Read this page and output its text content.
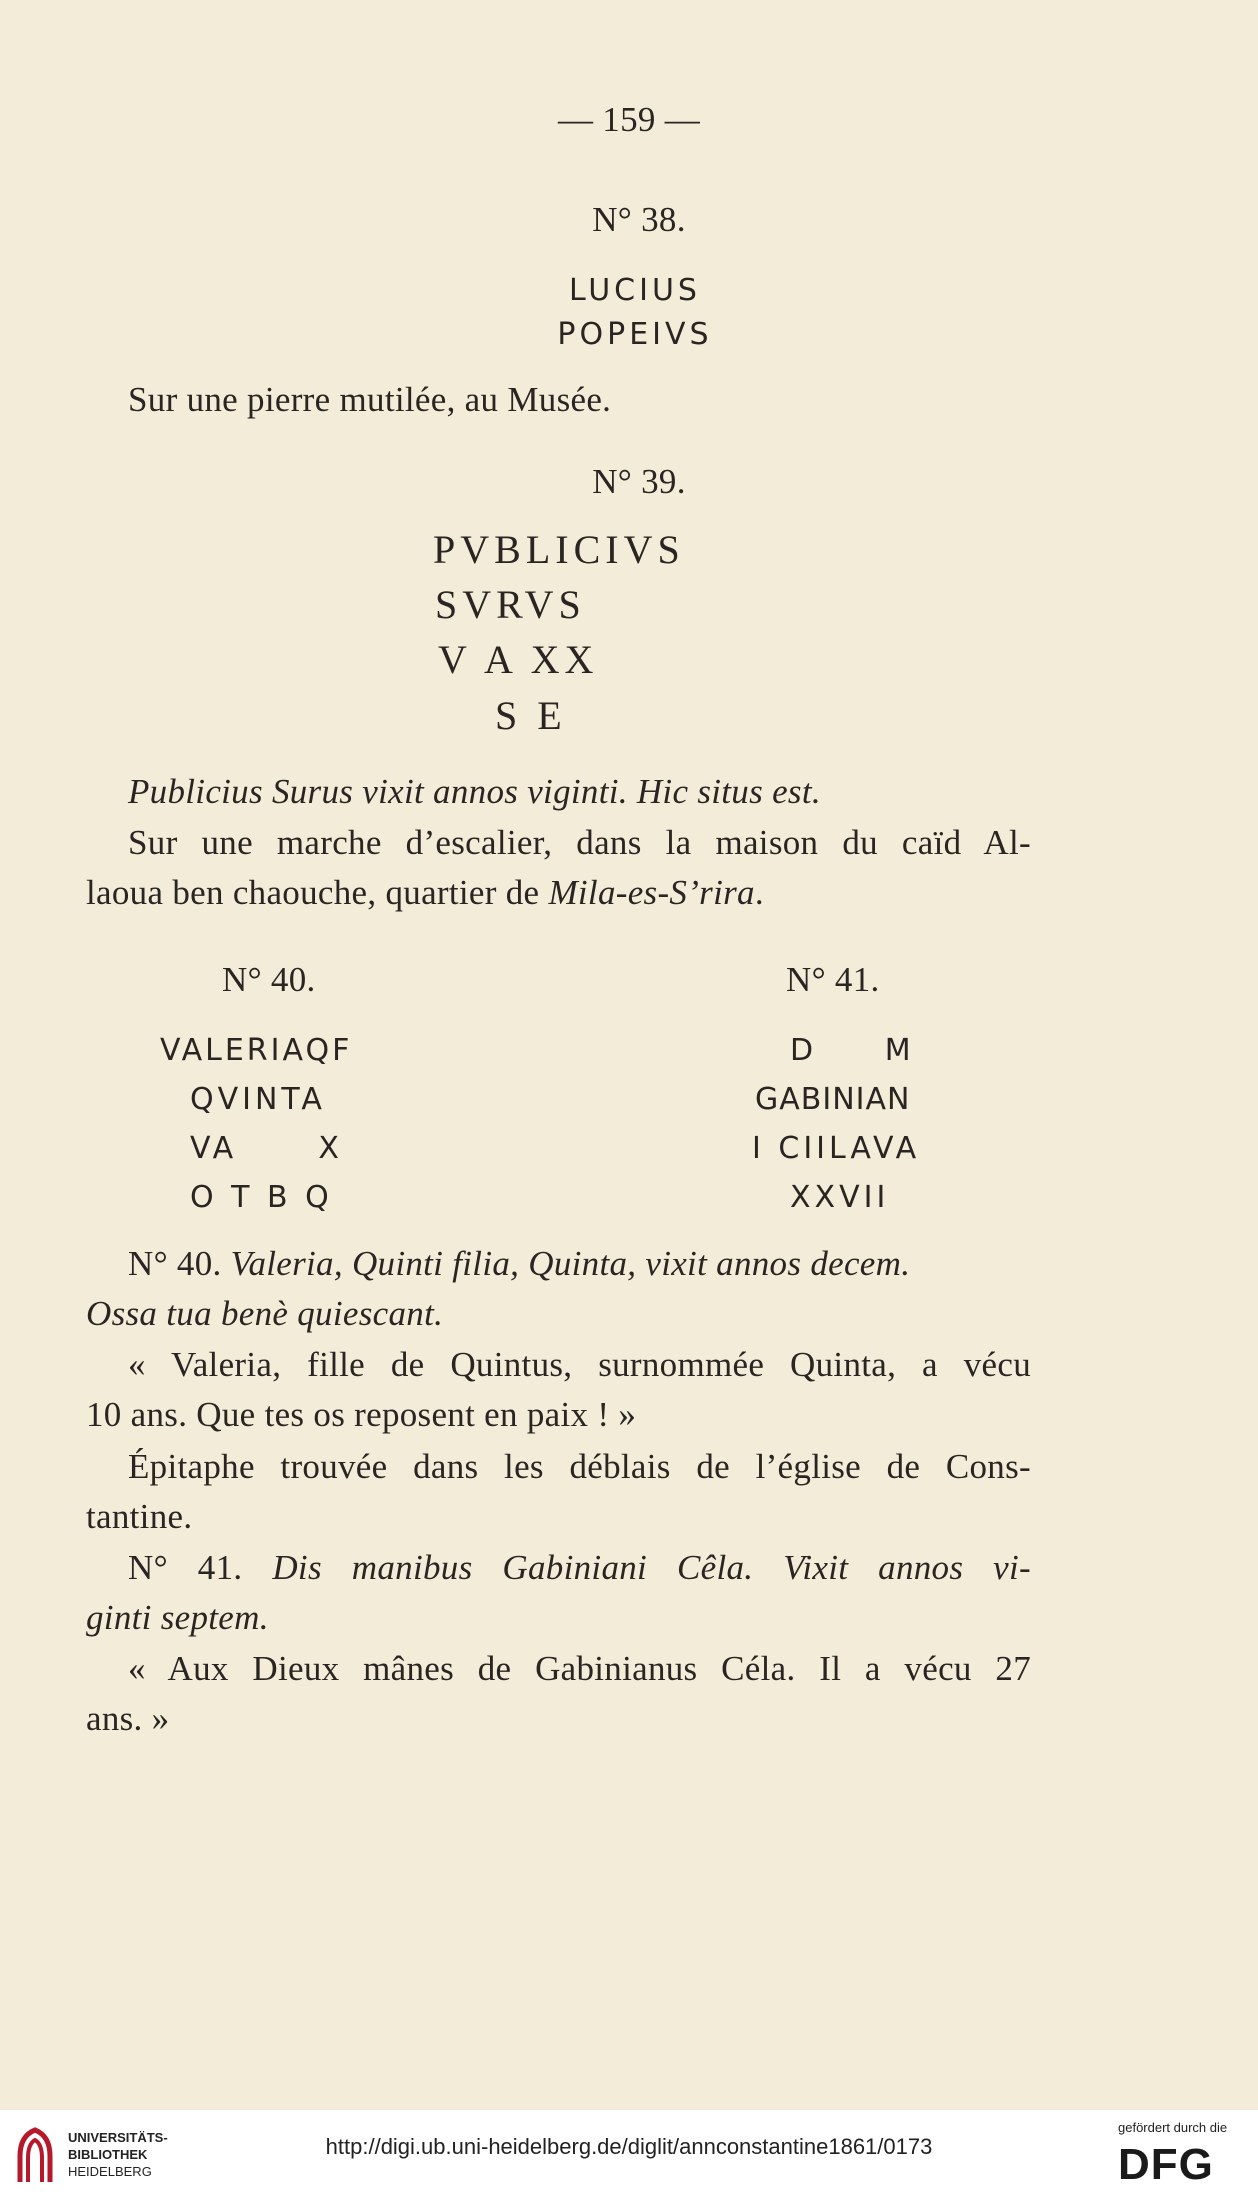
— 159 —
N° 38.
LUCIUS
POPEIVS
Sur une pierre mutilée, au Musée.
N° 39.
PVBLICIVS
SVRVS
V A XX
S E
Publicius Surus vixit annos viginti. Hic situs est.
Sur une marche d’escalier, dans la maison du caïd Al-
laoua ben chaouche, quartier de Mila-es-S’rira.
N° 40.	N° 41.
VALERIAQF
QVINTA
VA      X
O T B Q
D     M
GABINIAN
I CIILAVA
XXVII
N° 40. Valeria, Quinti filia, Quinta, vixit annos decem.
Ossa tua benè quiescant.
« Valeria, fille de Quintus, surnommée Quinta, a vécu
10 ans. Que tes os reposent en paix ! »
Épitaphe trouvée dans les déblais de l’église de Cons-
tantine.
N° 41. Dis manibus Gabiniani Cêla. Vixit annos vi-
ginti septem.
« Aux Dieux mânes de Gabinianus Céla. Il a vécu 27
ans. »
UNIVERSITÄTS-
BIBLIOTHEK
HEIDELBERG
http://digi.ub.uni-heidelberg.de/diglit/annconstantine1861/0173
gefördert durch die
DFG
